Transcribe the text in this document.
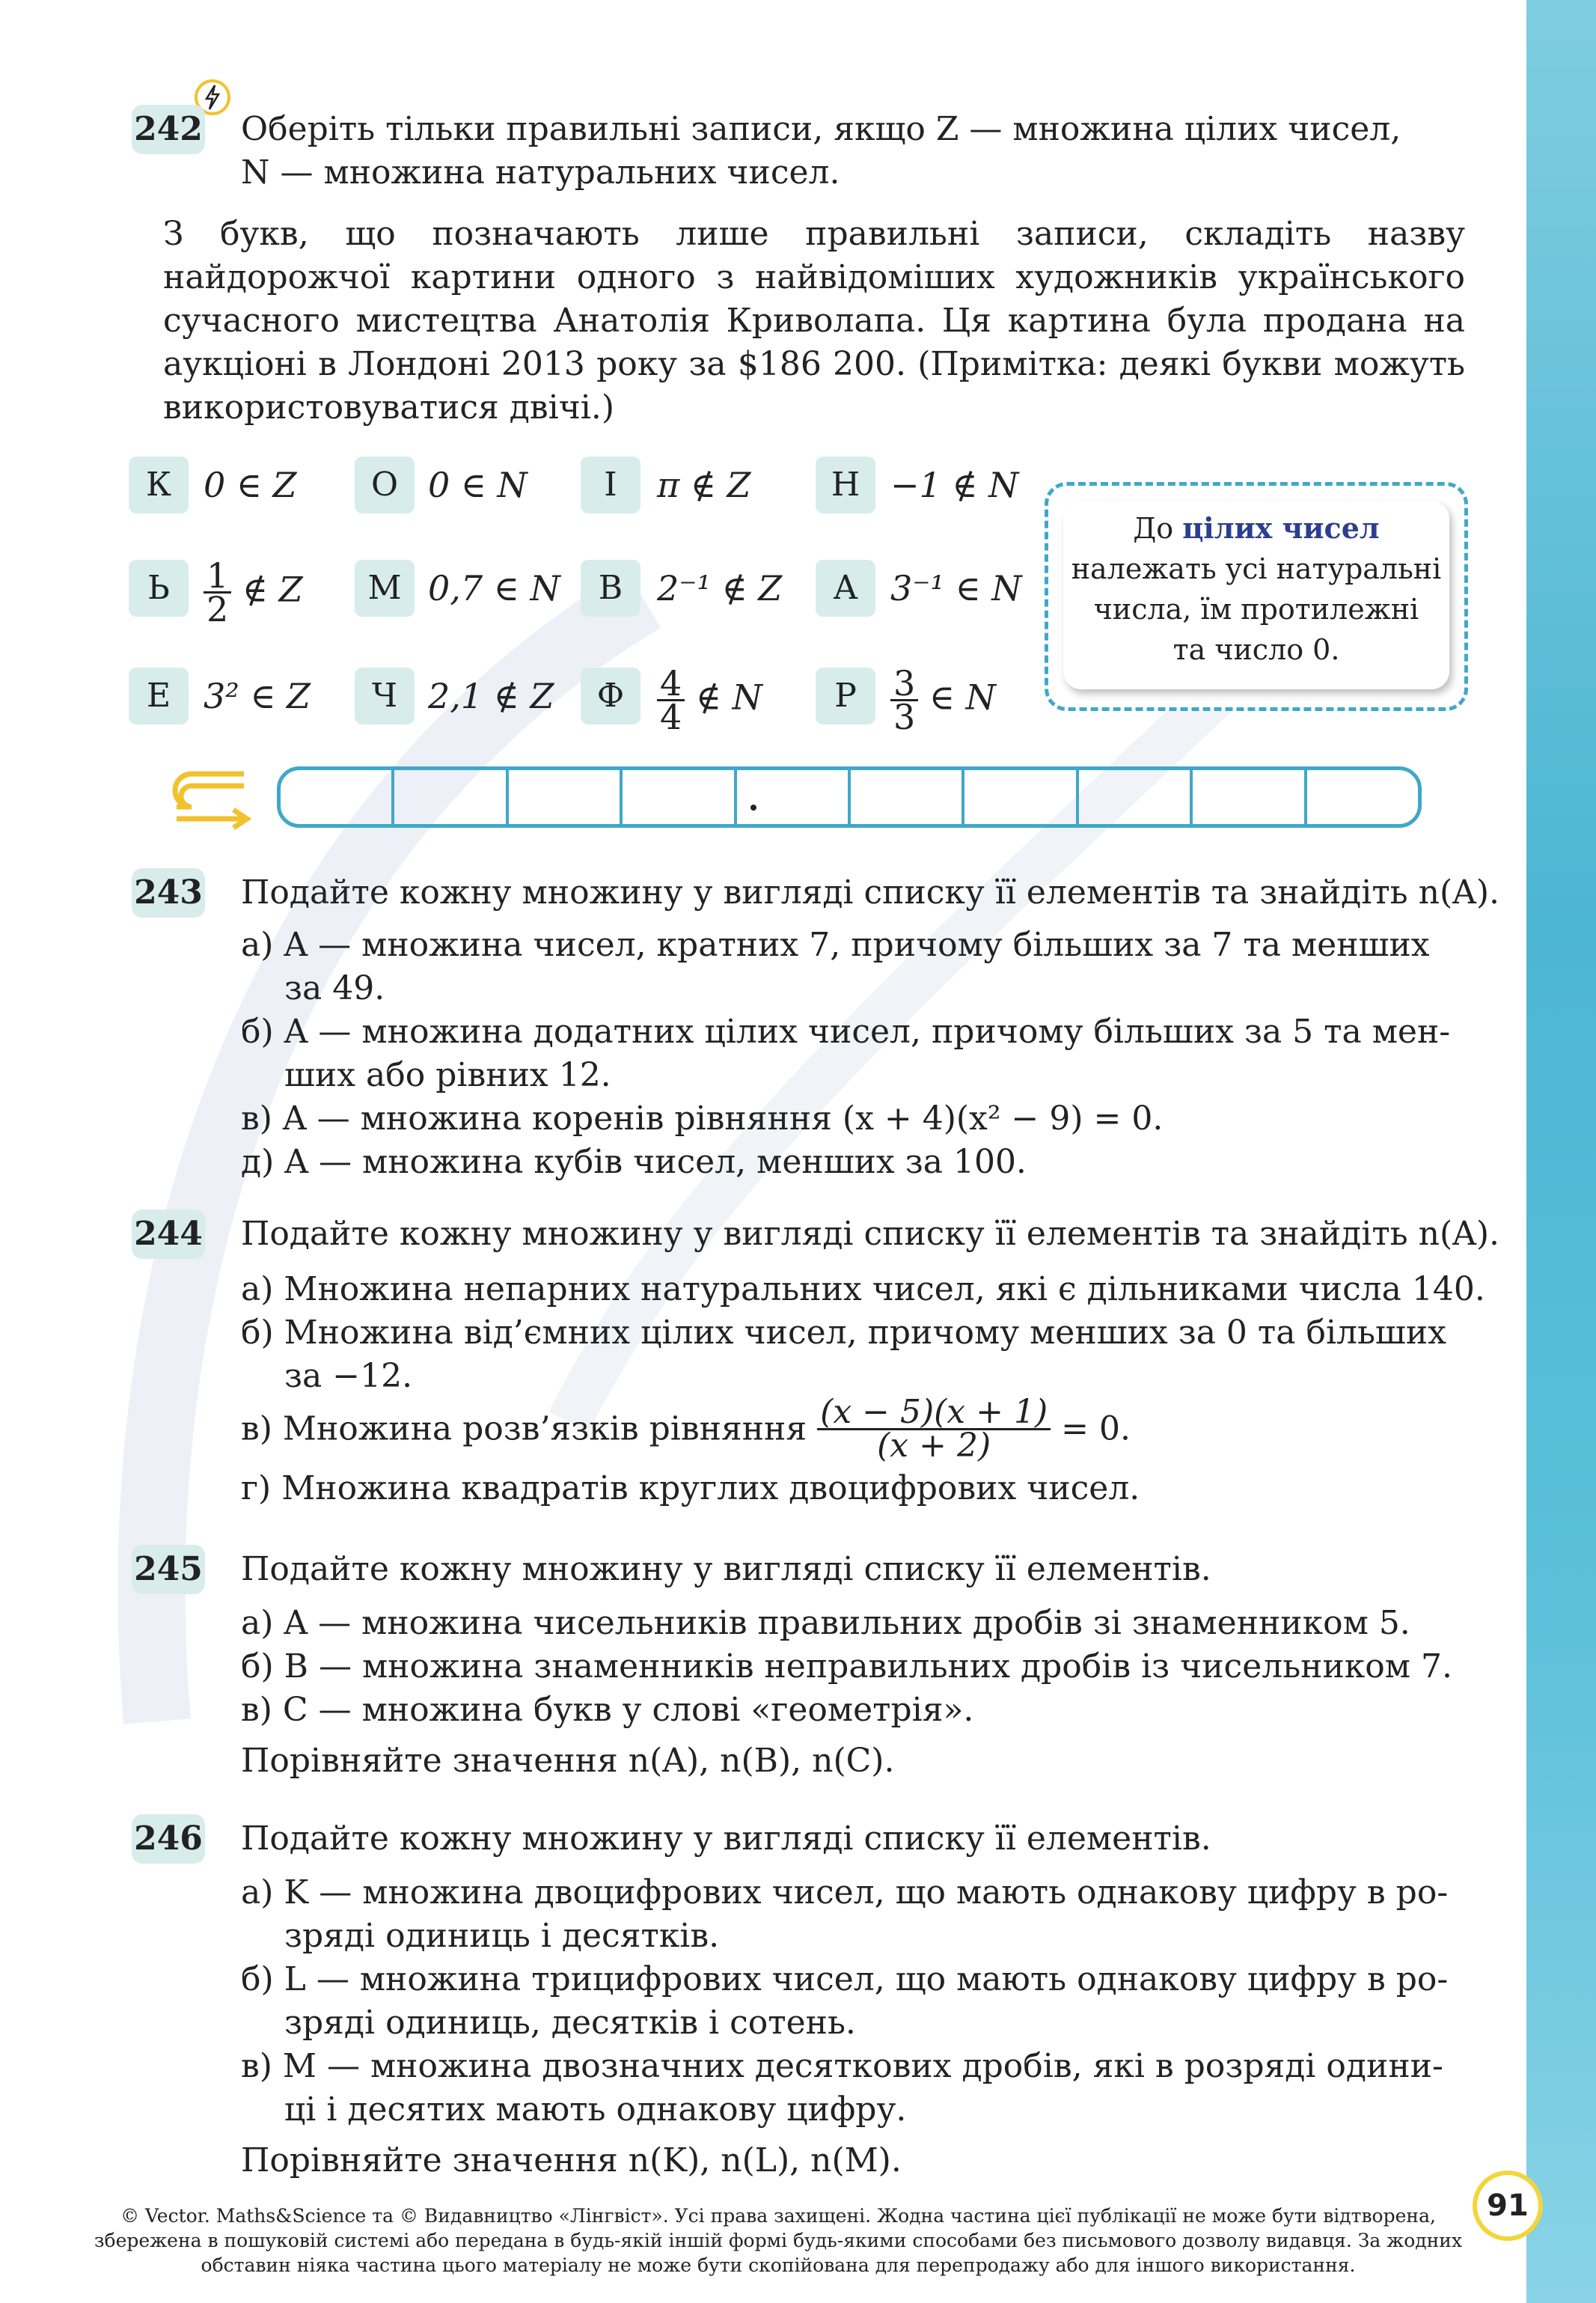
242 Оберіть тільки правильні записи, якщо Z — множина цілих чисел,
N — множина натуральних чисел.
З букв, що позначають лише правильні записи, складіть назву найдорожчої картини одного з найвідоміших художників українського сучасного мистецтва Анатолія Криволапа. Ця картина була продана на аукціоні в Лондоні 2013 року за $186 200. (Примітка: деякі букви можуть використовуватися двічі.)
К 0 ∈ Z	О 0 ∈ N	І	π ∉ Z	Н −1 ∉ N
Ь $\frac{1}{2}$ ∉ Z	М 0,7 ∈ N	В 2⁻¹ ∉ Z	А 3⁻¹ ∈ N
Е 3² ∈ Z	Ч 2,1 ∉ Z	Ф $\frac{4}{4}$ ∉ N	Р $\frac{3}{3}$ ∈ N
До цілих чисел
належать усі натуральні
числа, їм протилежні
та число 0.
243 Подайте кожну множину у вигляді списку її елементів та знайдіть n(A).
а) A — множина чисел, кратних 7, причому більших за 7 та менших
за 49.
б) A — множина додатних цілих чисел, причому більших за 5 та мен-
ших або рівних 12.
в) A — множина коренів рівняння (x + 4)(x² − 9) = 0.
д) A — множина кубів чисел, менших за 100.
244 Подайте кожну множину у вигляді списку її елементів та знайдіть n(A).
а) Множина непарних натуральних чисел, які є дільниками числа 140.
б) Множина від’ємних цілих чисел, причому менших за 0 та більших
за −12.
в) Множина розв’язків рівняння $\frac{(x - 5)(x + 1)}{(x + 2)} = 0$.
г) Множина квадратів круглих двоцифрових чисел.
245 Подайте кожну множину у вигляді списку її елементів.
а) A — множина чисельників правильних дробів зі знаменником 5.
б) B — множина знаменників неправильних дробів із чисельником 7.
в) C — множина букв у слові «геометрія».
Порівняйте значення n(A), n(B), n(C).
246 Подайте кожну множину у вигляді списку її елементів.
а) K — множина двоцифрових чисел, що мають однакову цифру в ро-
зряді одиниць і десятків.
б) L — множина трицифрових чисел, що мають однакову цифру в ро-
зряді одиниць, десятків і сотень.
в) M — множина двозначних десяткових дробів, які в розряді одини-
ці і десятих мають однакову цифру.
Порівняйте значення n(K), n(L), n(M).
© Vector. Maths&Science та © Видавництво «Лінгвіст». Усі права захищені. Жодна частина цієї публікації не може бути відтворена,
збережена в пошуковій системі або передана в будь-якій іншій формі будь-якими способами без письмового дозволу видавця. За жодних
обставин ніяка частина цього матеріалу не може бути скопійована для перепродажу або для іншого використання.
91
